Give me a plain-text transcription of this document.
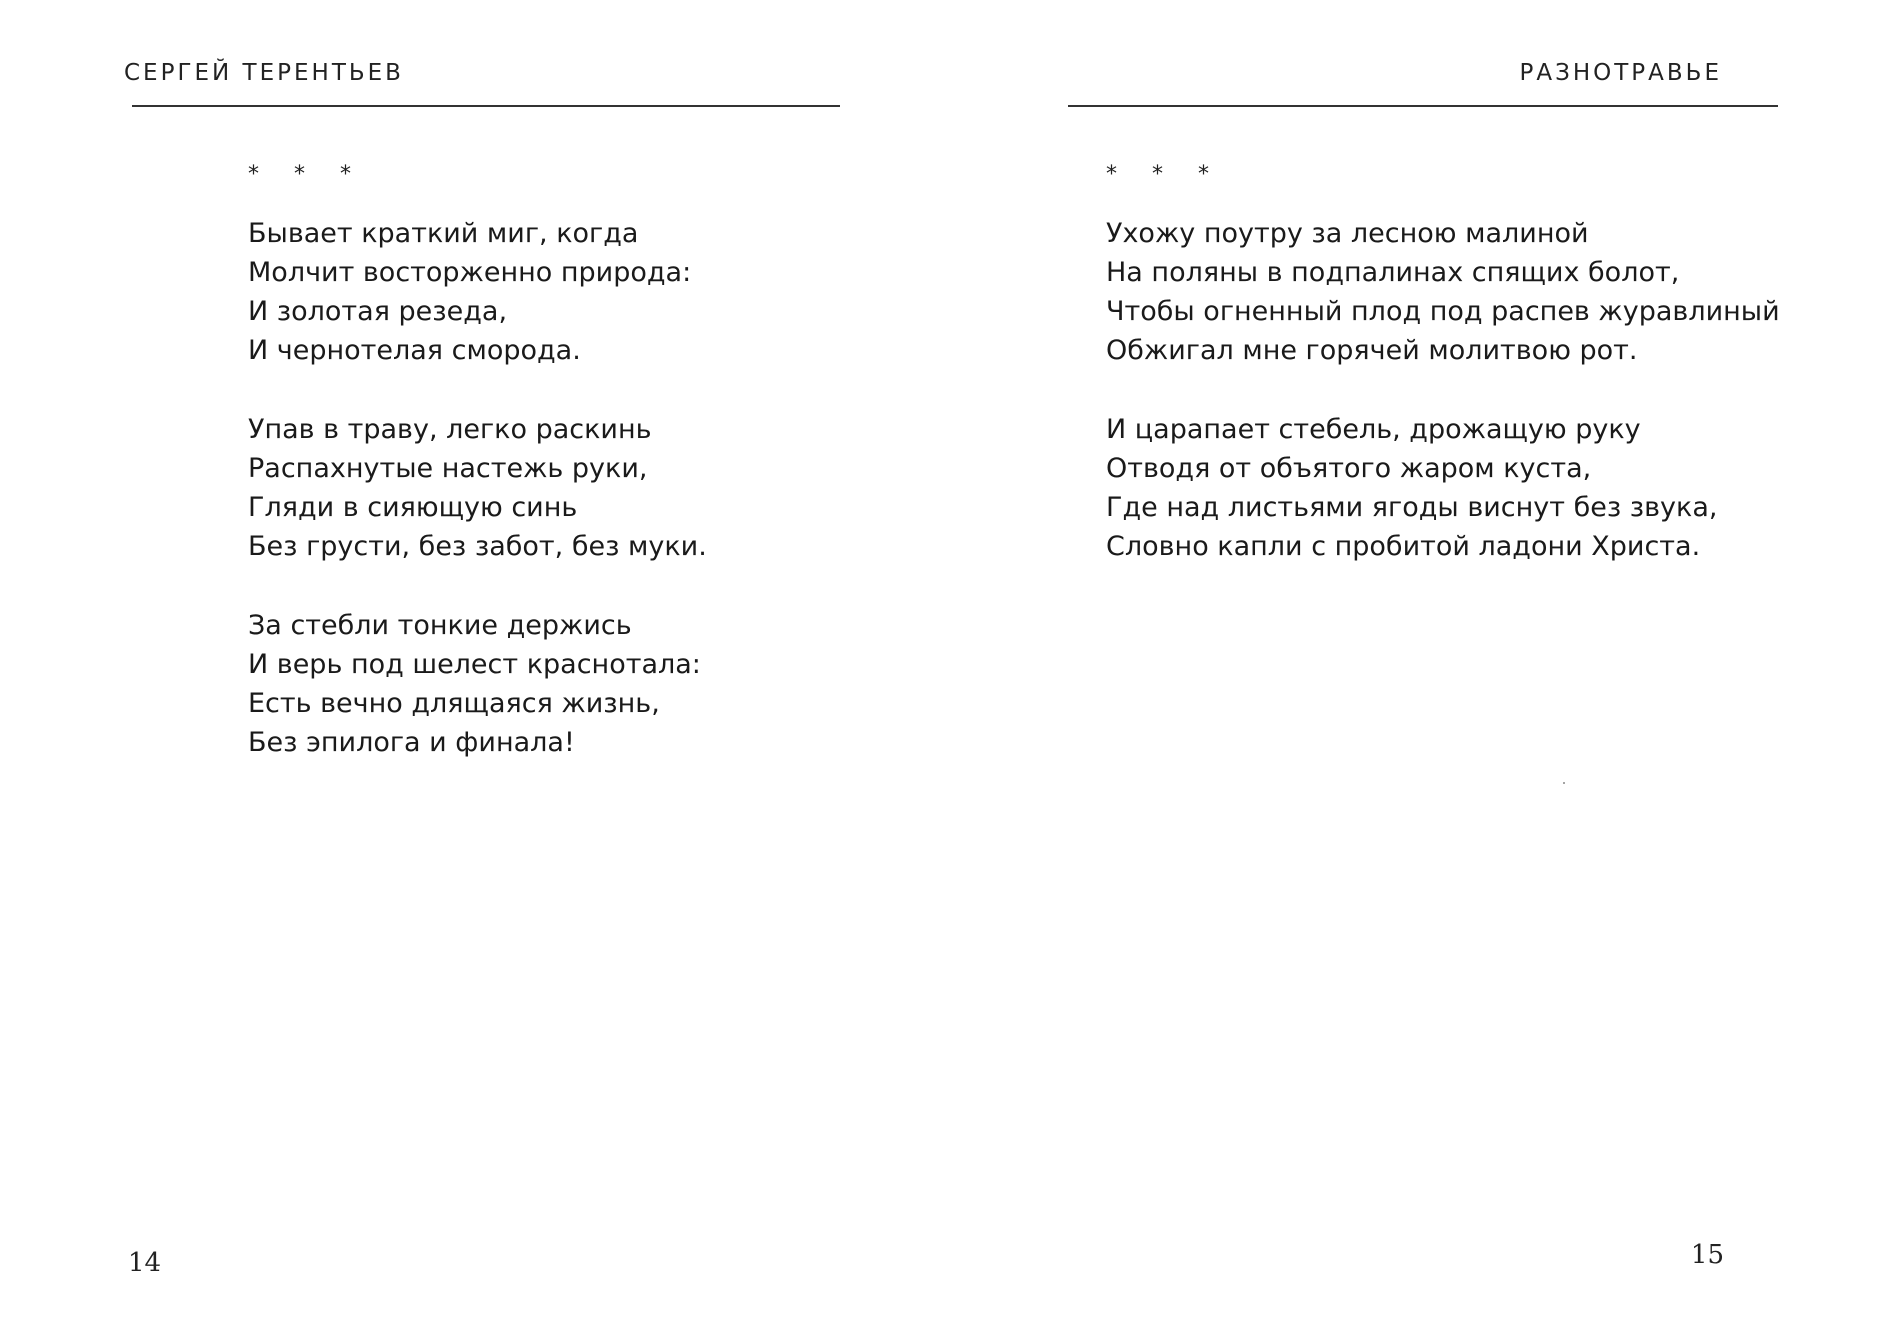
СЕРГЕЙ ТЕРЕНТЬЕВ
* * *
Бывает краткий миг, когда
Молчит восторженно природа:
И золотая резеда,
И чернотелая смородa.
Упав в траву, легко раскинь
Распахнутые настежь руки,
Гляди в сияющую синь
Без грусти, без забот, без муки.
За стебли тонкие держись
И верь под шелест краснотала:
Есть вечно длящаяся жизнь,
Без эпилога и финала!
14
РАЗНОТРАВЬЕ
* * *
Ухожу поутру за лесною малиной
На поляны в подпалинах спящих болот,
Чтобы огненный плод под распев журавлиный
Обжигал мне горячей молитвою рот.
И царапает стебель, дрожащую руку
Отводя от объятого жаром куста,
Где над листьями ягоды виснут без звука,
Словно капли с пробитой ладони Христа.
15
